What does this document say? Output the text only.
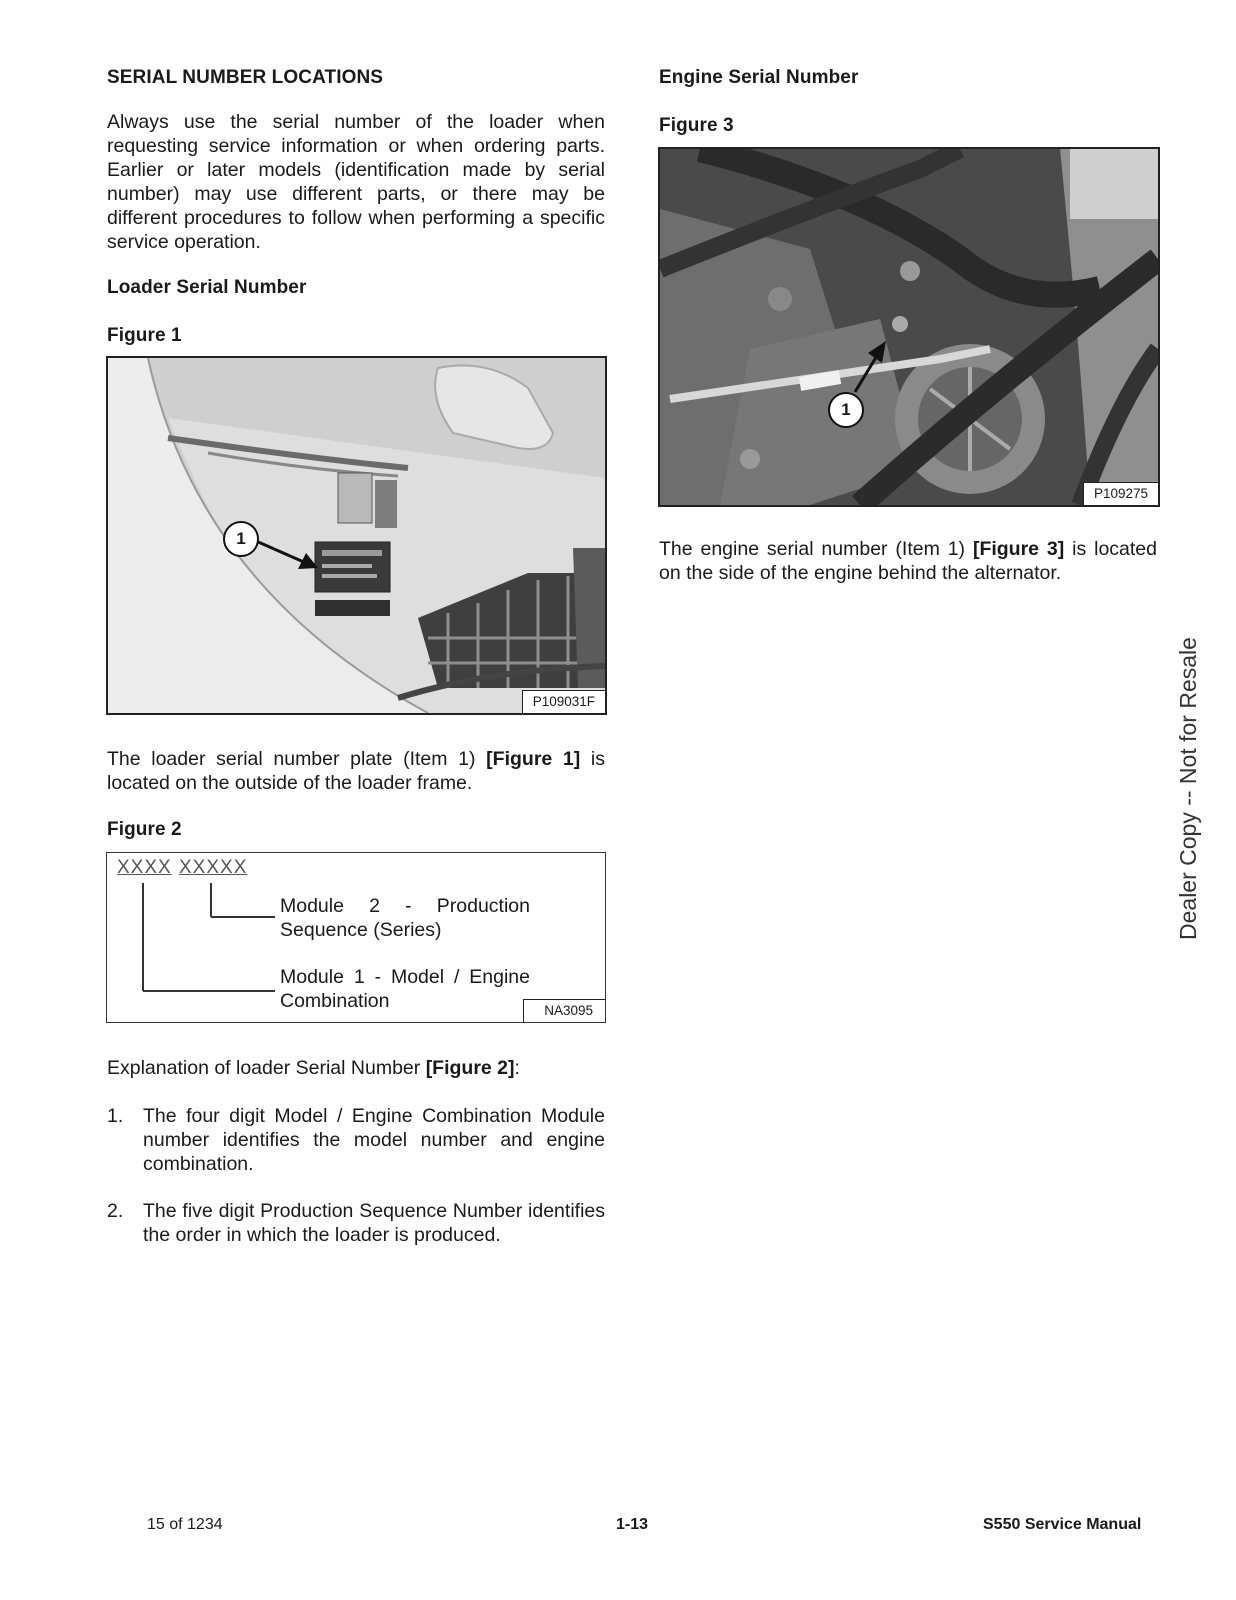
SERIAL NUMBER LOCATIONS
Always use the serial number of the loader when requesting service information or when ordering parts. Earlier or later models (identification made by serial number) may use different parts, or there may be different procedures to follow when performing a specific service operation.
Loader Serial Number
Figure 1
1
P109031F
The loader serial number plate (Item 1) [Figure 1] is located on the outside of the loader frame.
Figure 2
XXXX XXXXX
Module 2 - Production Sequence (Series)
Module 1 - Model / Engine Combination	NA3095
Explanation of loader Serial Number [Figure 2]:
1. The four digit Model / Engine Combination Module number identifies the model number and engine combination.
2. The five digit Production Sequence Number identifies the order in which the loader is produced.
Engine Serial Number
Figure 3
1
P109275
The engine serial number (Item 1) [Figure 3] is located on the side of the engine behind the alternator.
Dealer Copy -- Not for Resale
15 of 1234	1-13	S550 Service Manual
